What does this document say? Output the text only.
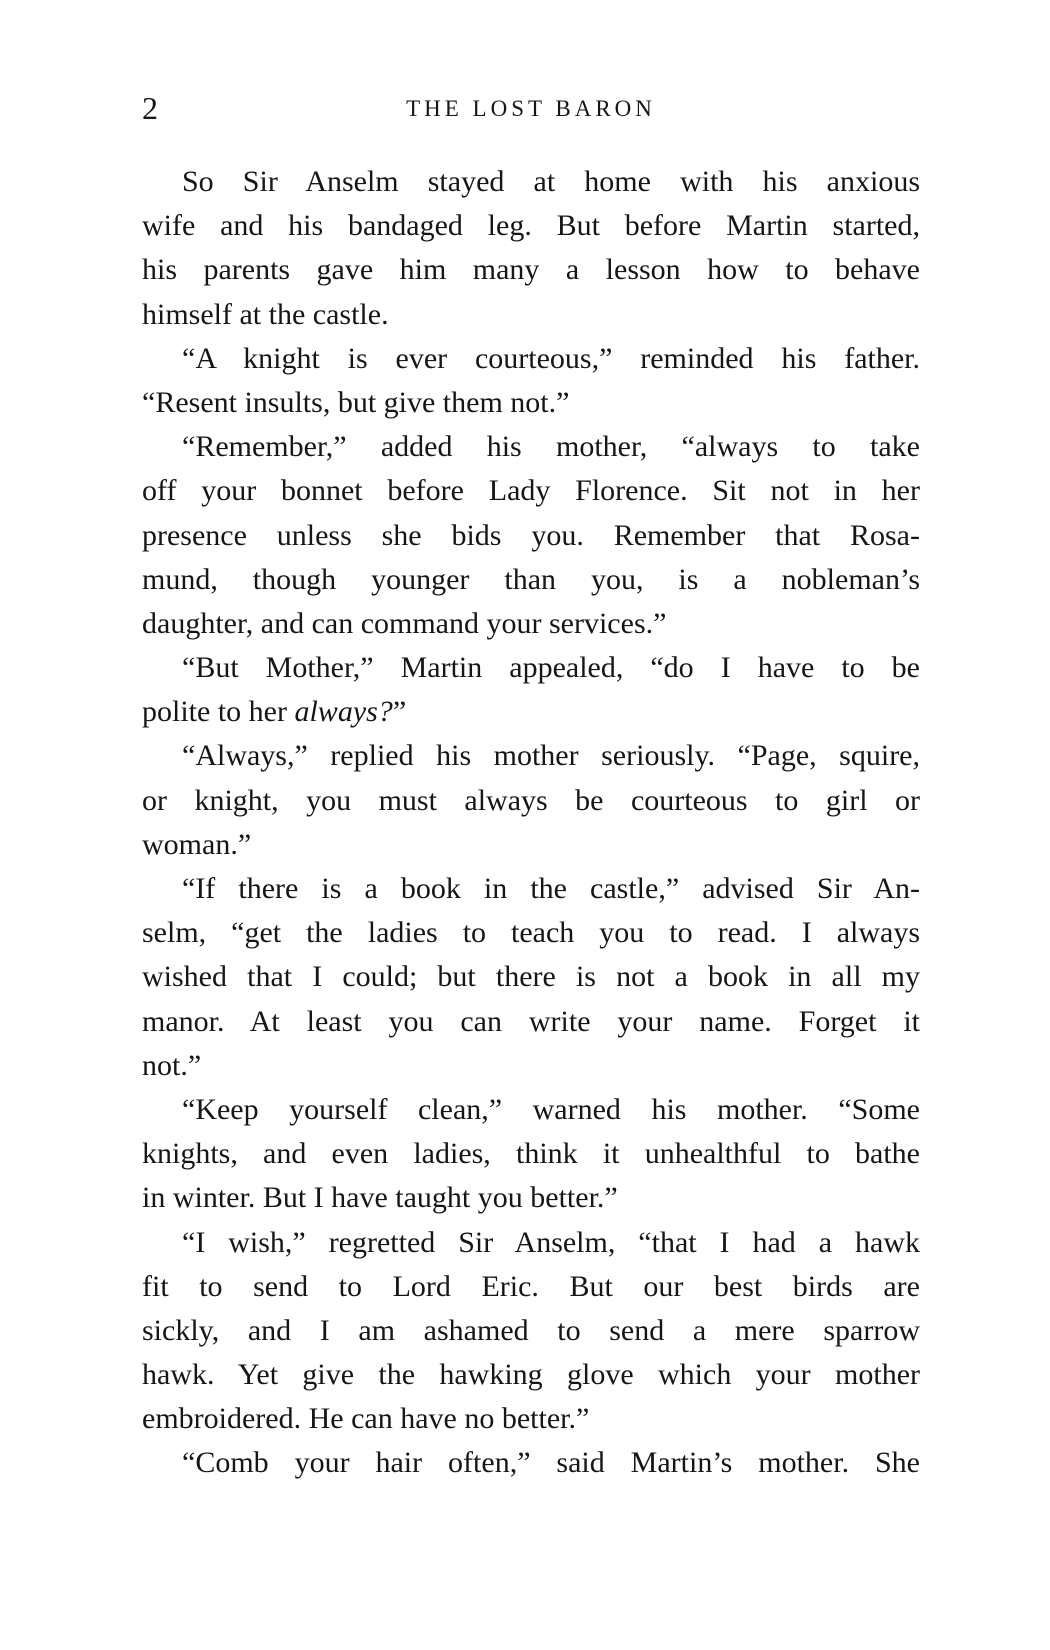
2	THE LOST BARON
So Sir Anselm stayed at home with his anxious
wife and his bandaged leg. But before Martin started,
his parents gave him many a lesson how to behave
himself at the castle.
“A knight is ever courteous,” reminded his father.
“Resent insults, but give them not.”
“Remember,” added his mother, “always to take
off your bonnet before Lady Florence. Sit not in her
presence unless she bids you. Remember that Rosa-
mund, though younger than you, is a nobleman’s
daughter, and can command your services.”
“But Mother,” Martin appealed, “do I have to be
polite to her always?”
“Always,” replied his mother seriously. “Page, squire,
or knight, you must always be courteous to girl or
woman.”
“If there is a book in the castle,” advised Sir An-
selm, “get the ladies to teach you to read. I always
wished that I could; but there is not a book in all my
manor. At least you can write your name. Forget it
not.”
“Keep yourself clean,” warned his mother. “Some
knights, and even ladies, think it unhealthful to bathe
in winter. But I have taught you better.”
“I wish,” regretted Sir Anselm, “that I had a hawk
fit to send to Lord Eric. But our best birds are
sickly, and I am ashamed to send a mere sparrow
hawk. Yet give the hawking glove which your mother
embroidered. He can have no better.”
“Comb your hair often,” said Martin’s mother. She
